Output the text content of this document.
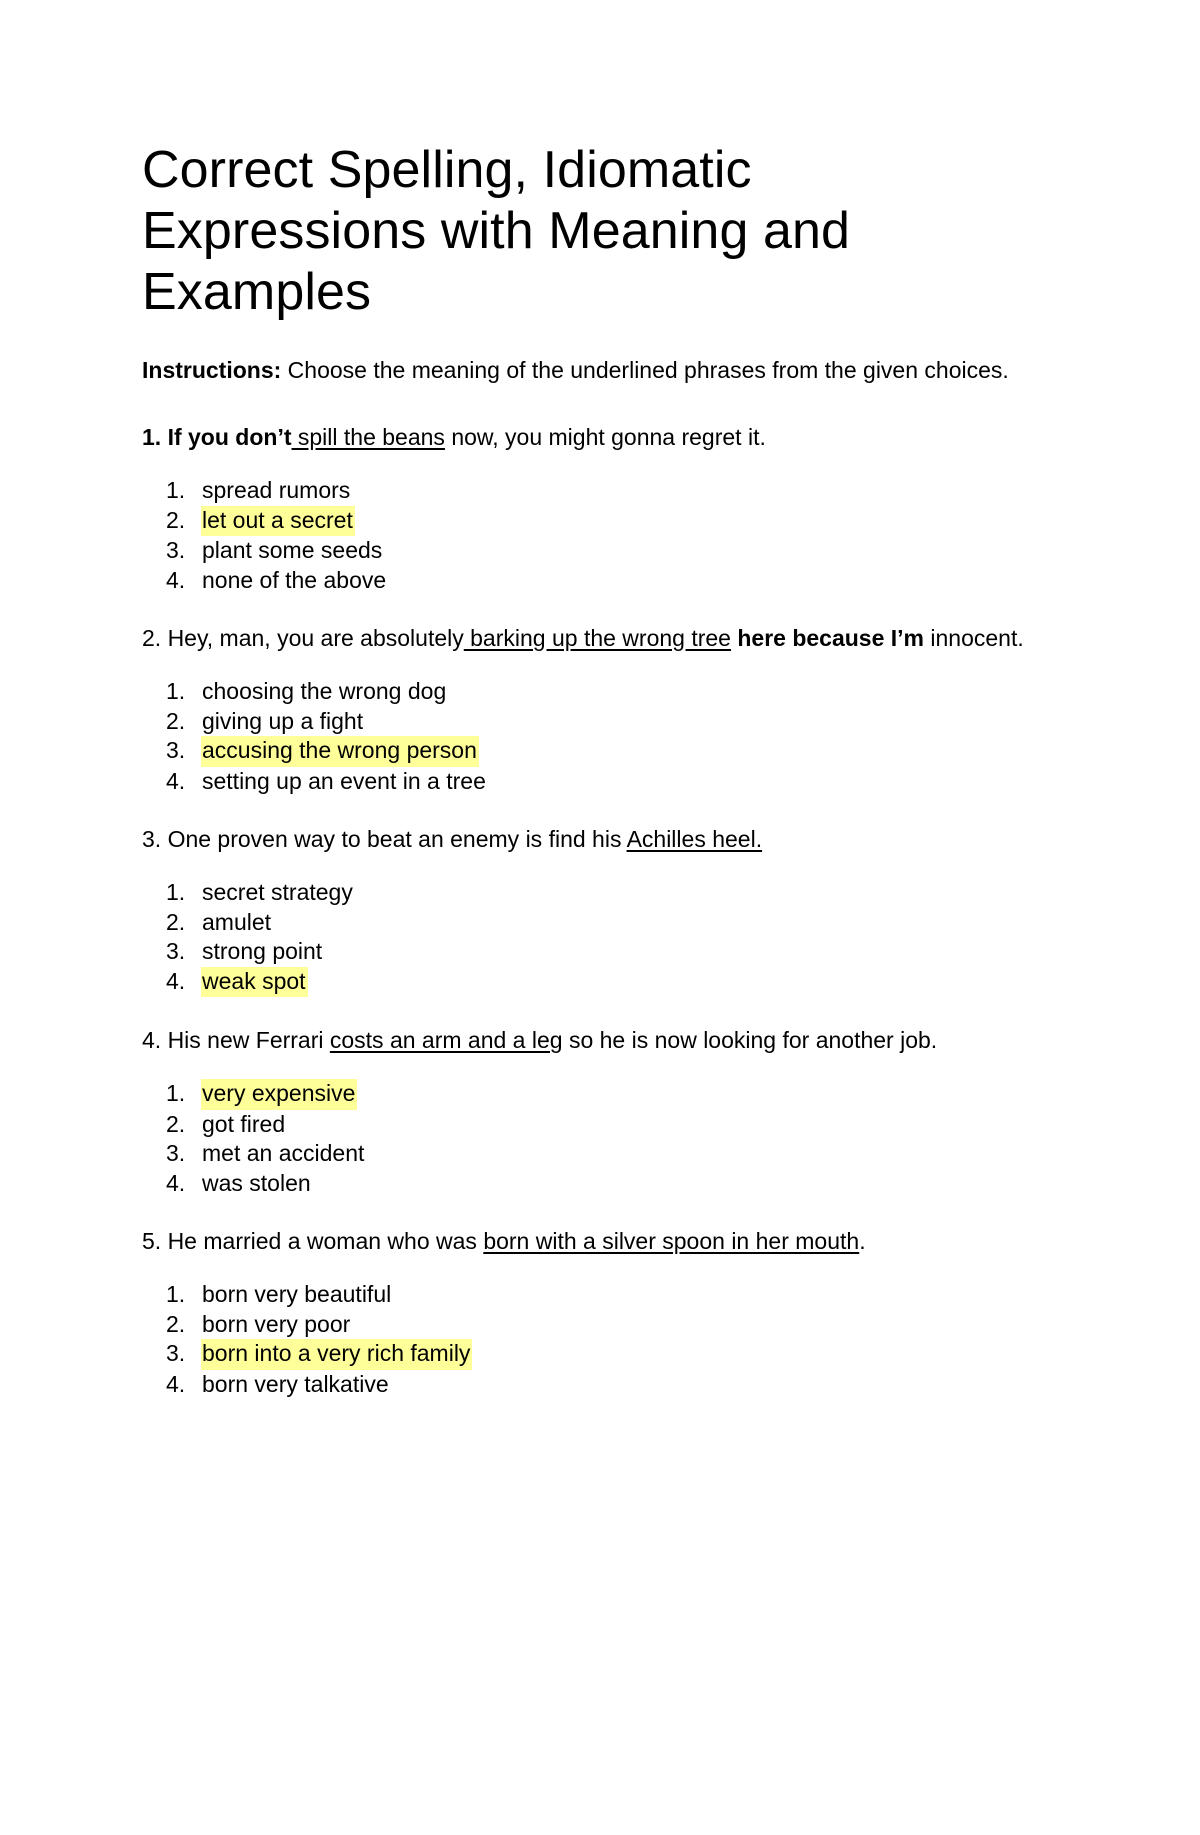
Correct Spelling, Idiomatic
Expressions with Meaning and
Examples

Instructions: Choose the meaning of the underlined phrases from the given choices.

1. If you don’t spill the beans now, you might gonna regret it.

1. spread rumors
2. let out a secret
3. plant some seeds
4. none of the above

2. Hey, man, you are absolutely barking up the wrong tree here because I’m innocent.

1. choosing the wrong dog
2. giving up a fight
3. accusing the wrong person
4. setting up an event in a tree

3. One proven way to beat an enemy is find his Achilles heel.

1. secret strategy
2. amulet
3. strong point
4. weak spot

4. His new Ferrari costs an arm and a leg so he is now looking for another job.

1. very expensive
2. got fired
3. met an accident
4. was stolen

5. He married a woman who was born with a silver spoon in her mouth.

1. born very beautiful
2. born very poor
3. born into a very rich family
4. born very talkative
